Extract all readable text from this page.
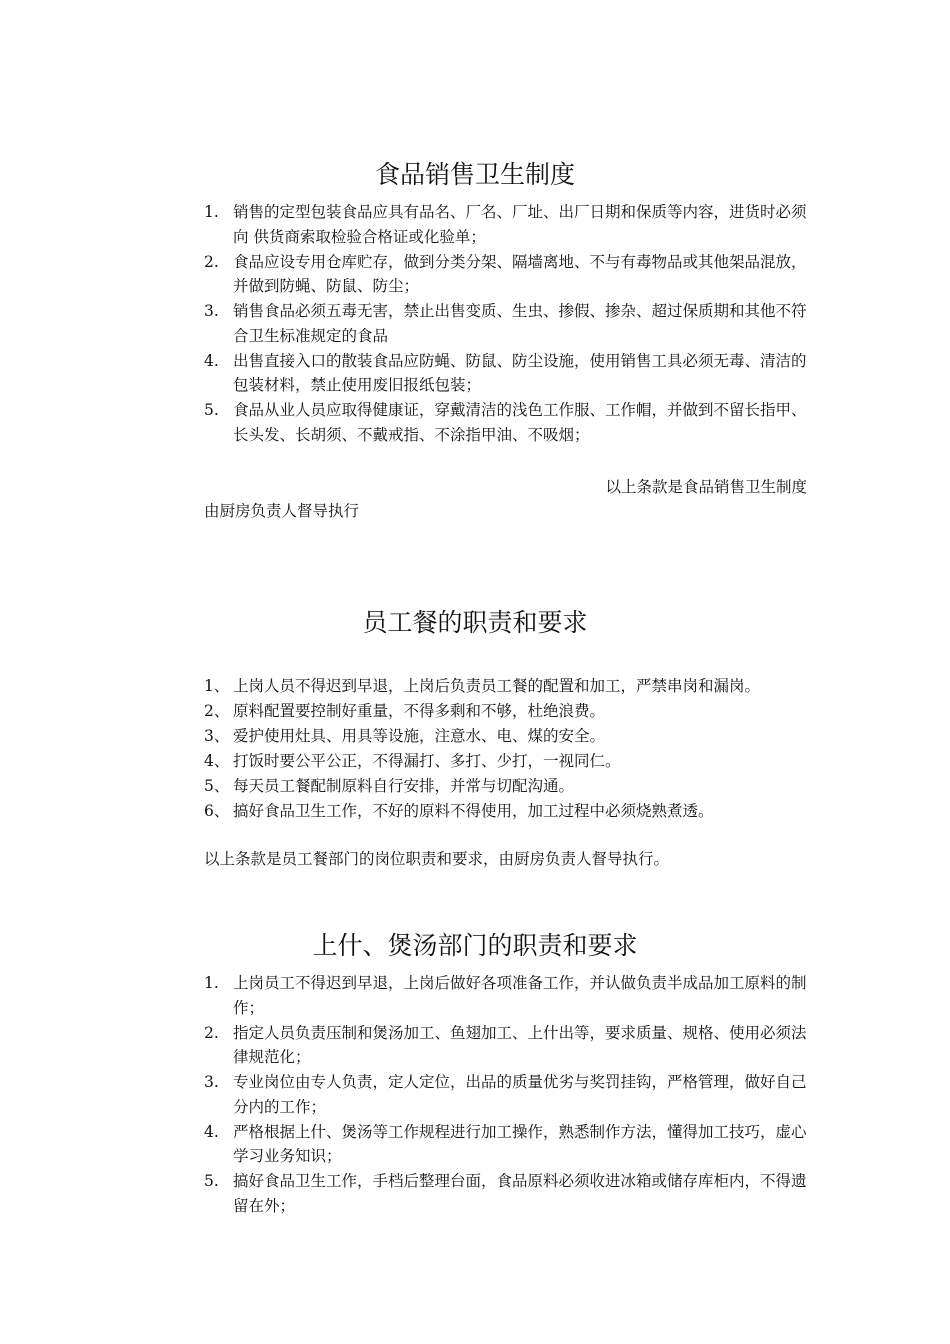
食品销售卫生制度
1. 销售的定型包装食品应具有品名、厂名、厂址、出厂日期和保质等内容，进货时必须向 供货商索取检验合格证或化验单；
2. 食品应设专用仓库贮存，做到分类分架、隔墙离地、不与有毒物品或其他架品混放，并做到防蝇、防鼠、防尘；
3. 销售食品必须五毒无害，禁止出售变质、生虫、掺假、掺杂、超过保质期和其他不符合卫生标准规定的食品
4. 出售直接入口的散装食品应防蝇、防鼠、防尘设施，使用销售工具必须无毒、清洁的包装材料，禁止使用废旧报纸包装；
5. 食品从业人员应取得健康证，穿戴清洁的浅色工作服、工作帽，并做到不留长指甲、长头发、长胡须、不戴戒指、不涂指甲油、不吸烟；

以上条款是食品销售卫生制度

由厨房负责人督导执行

员工餐的职责和要求
1、 上岗人员不得迟到早退，上岗后负责员工餐的配置和加工，严禁串岗和漏岗。
2、 原料配置要控制好重量，不得多剩和不够，杜绝浪费。
3、 爱护使用灶具、用具等设施，注意水、电、煤的安全。
4、 打饭时要公平公正，不得漏打、多打、少打，一视同仁。
5、 每天员工餐配制原料自行安排，并常与切配沟通。
6、 搞好食品卫生工作，不好的原料不得使用，加工过程中必须烧熟煮透。

以上条款是员工餐部门的岗位职责和要求，由厨房负责人督导执行。

上什、煲汤部门的职责和要求
1. 上岗员工不得迟到早退，上岗后做好各项准备工作，并认做负责半成品加工原料的制作；
2. 指定人员负责压制和煲汤加工、鱼翅加工、上什出等，要求质量、规格、使用必须法律规范化；
3. 专业岗位由专人负责，定人定位，出品的质量优劣与奖罚挂钩，严格管理，做好自己分内的工作；
4. 严格根据上什、煲汤等工作规程进行加工操作，熟悉制作方法，懂得加工技巧，虚心学习业务知识；
5. 搞好食品卫生工作，手档后整理台面，食品原料必须收进冰箱或储存库柜内，不得遗留在外；
